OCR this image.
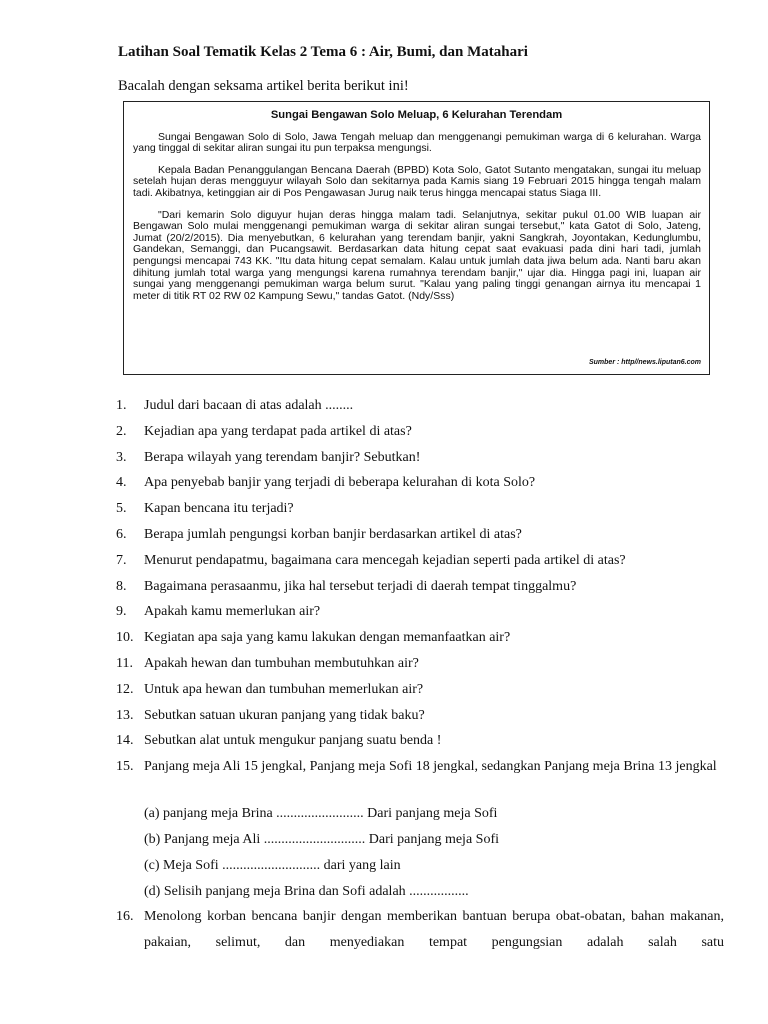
Latihan Soal Tematik Kelas 2 Tema 6 : Air, Bumi, dan Matahari
Bacalah dengan seksama artikel berita berikut ini!
Sungai Bengawan Solo Meluap, 6 Kelurahan Terendam

Sungai Bengawan Solo di Solo, Jawa Tengah meluap dan menggenangi pemukiman warga di 6 kelurahan. Warga yang tinggal di sekitar aliran sungai itu pun terpaksa mengungsi.

Kepala Badan Penanggulangan Bencana Daerah (BPBD) Kota Solo, Gatot Sutanto mengatakan, sungai itu meluap setelah hujan deras mengguyur wilayah Solo dan sekitarnya pada Kamis siang 19 Februari 2015 hingga tengah malam tadi. Akibatnya, ketinggian air di Pos Pengawasan Jurug naik terus hingga mencapai status Siaga III.

"Dari kemarin Solo diguyur hujan deras hingga malam tadi. Selanjutnya, sekitar pukul 01.00 WIB luapan air Bengawan Solo mulai menggenangi pemukiman warga di sekitar aliran sungai tersebut," kata Gatot di Solo, Jateng, Jumat (20/2/2015). Dia menyebutkan, 6 kelurahan yang terendam banjir, yakni Sangkrah, Joyontakan, Kedunglumbu, Gandekan, Semanggi, dan Pucangsawit. Berdasarkan data hitung cepat saat evakuasi pada dini hari tadi, jumlah pengungsi mencapai 743 KK. "Itu data hitung cepat semalam. Kalau untuk jumlah data jiwa belum ada. Nanti baru akan dihitung jumlah total warga yang mengungsi karena rumahnya terendam banjir," ujar dia. Hingga pagi ini, luapan air sungai yang menggenangi pemukiman warga belum surut. "Kalau yang paling tinggi genangan airnya itu mencapai 1 meter di titik RT 02 RW 02 Kampung Sewu," tandas Gatot. (Ndy/Sss)

Sumber : http//news.liputan6.com
1. Judul dari bacaan di atas adalah ........
2. Kejadian apa yang terdapat pada artikel di atas?
3. Berapa wilayah yang terendam banjir? Sebutkan!
4. Apa penyebab banjir yang terjadi di beberapa kelurahan di kota Solo?
5. Kapan bencana itu terjadi?
6. Berapa jumlah pengungsi korban banjir berdasarkan artikel di atas?
7. Menurut pendapatmu, bagaimana cara mencegah kejadian seperti pada artikel di atas?
8. Bagaimana perasaanmu, jika hal tersebut terjadi di daerah tempat tinggalmu?
9. Apakah kamu memerlukan air?
10. Kegiatan apa saja yang kamu lakukan dengan memanfaatkan air?
11. Apakah hewan dan tumbuhan membutuhkan air?
12. Untuk apa hewan dan tumbuhan memerlukan air?
13. Sebutkan satuan ukuran panjang yang tidak baku?
14. Sebutkan alat untuk mengukur panjang suatu benda !
15. Panjang meja Ali 15 jengkal, Panjang meja Sofi 18 jengkal, sedangkan Panjang meja Brina 13 jengkal
(a) panjang meja Brina ......................... Dari panjang meja Sofi
(b) Panjang meja Ali ............................. Dari panjang meja Sofi
(c) Meja Sofi ............................ dari yang lain
(d) Selisih panjang meja Brina dan Sofi adalah .................
16. Menolong korban bencana banjir dengan memberikan bantuan berupa obat-obatan, bahan makanan, pakaian, selimut, dan menyediakan tempat pengungsian adalah salah satu
